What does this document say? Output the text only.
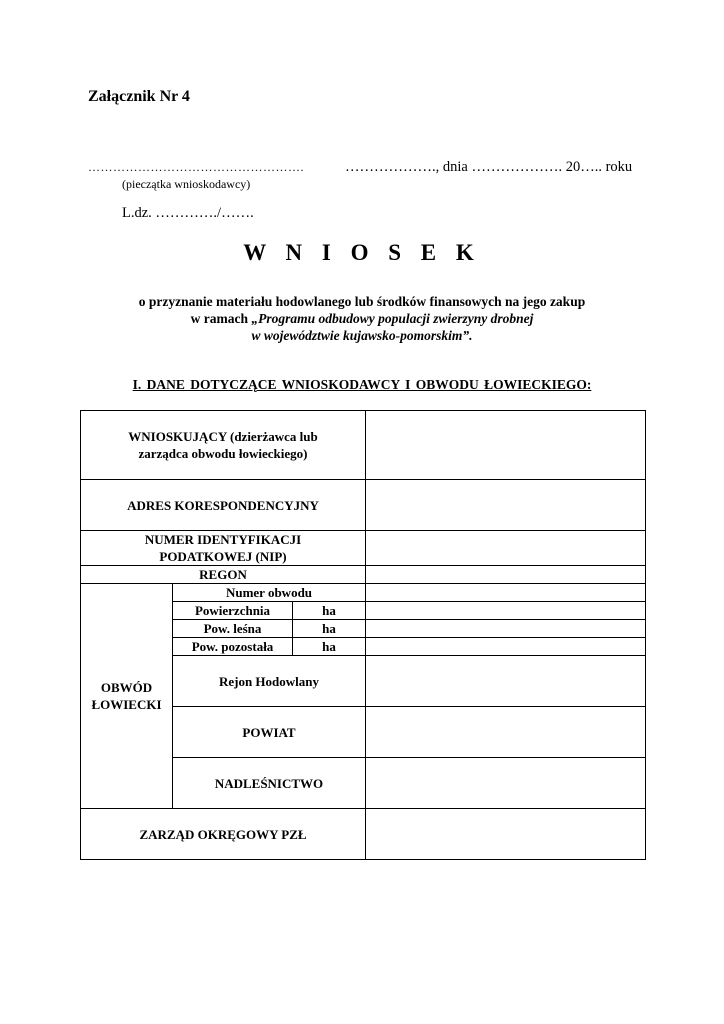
Załącznik Nr 4
…………………………………………….
(pieczątka wnioskodawcy)
………………., dnia ………………. 20….. roku
L.dz. …………./…….
W N I O S E K
o przyznanie materiału hodowlanego lub środków finansowych na jego zakup
w ramach „Programu odbudowy populacji zwierzyny drobnej
w województwie kujawsko-pomorskim”.
I. DANE DOTYCZĄCE WNIOSKODAWCY I OBWODU ŁOWIECKIEGO:
WNIOSKUJĄCY (dzierżawca lub
zarządca obwodu łowieckiego)			

ADRES KORESPONDENCYJNY			

NUMER IDENTYFIKACJI
PODATKOWEJ (NIP)			

REGON			

OBWÓD
ŁOWIECKI	Numer obwodu		
	Powierzchnia	ha	
	Pow. leśna	ha	
	Pow. pozostała	ha	
	Rejon Hodowlany		
	POWIAT		
	NADLEŚNICTWO		
ZARZĄD OKRĘGOWY PZŁ			
